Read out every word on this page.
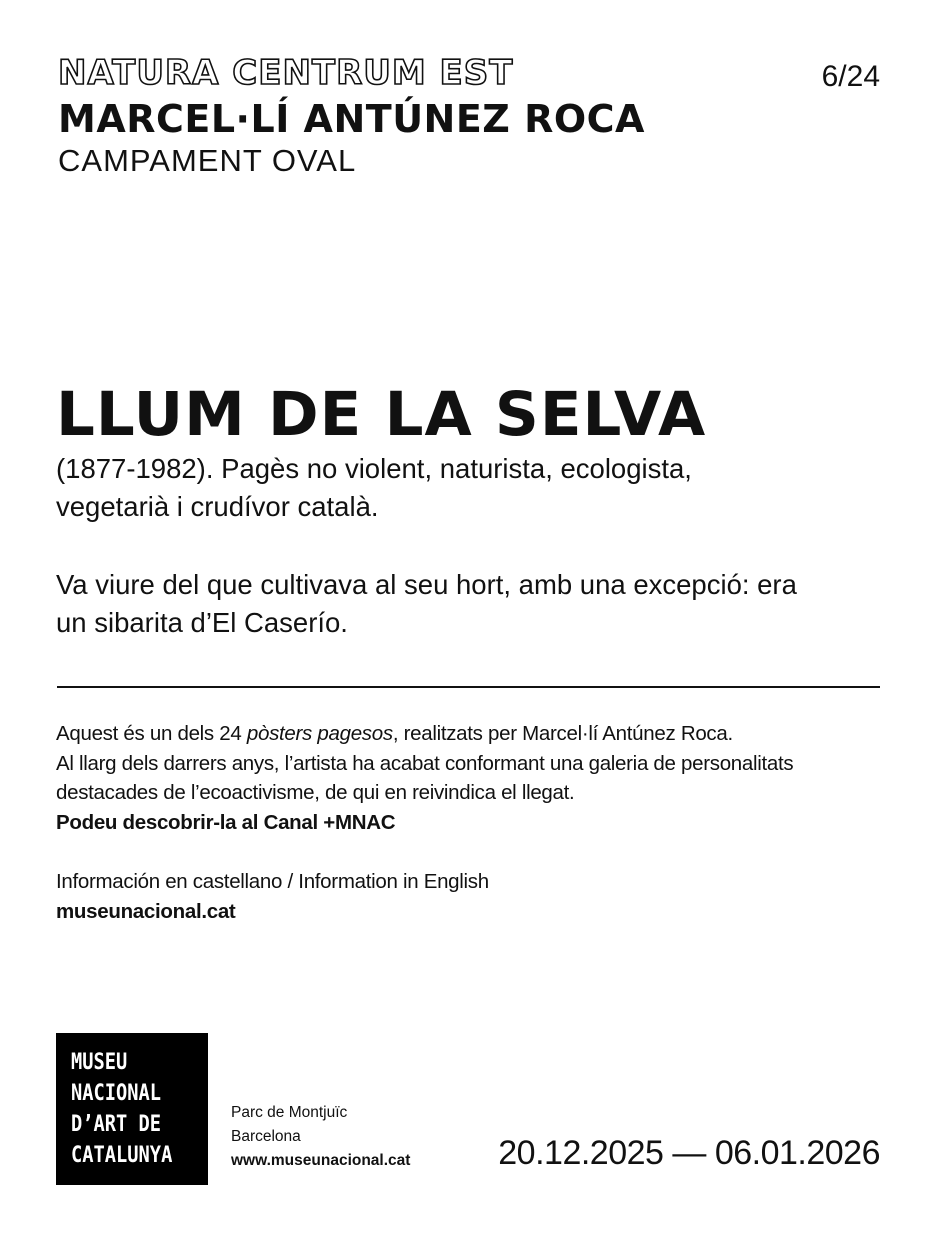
NATURA CENTRUM EST	6/24
MARCEL·LÍ ANTÚNEZ ROCA
CAMPAMENT OVAL
LLUM DE LA SELVA

(1877-1982). Pagès no violent, naturista, ecologista,
vegetarià i crudívor català.

Va viure del que cultivava al seu hort, amb una excepció: era
un sibarita d’El Caserío.

Aquest és un dels 24 pòsters pagesos, realitzats per Marcel·lí Antúnez Roca.
Al llarg dels darrers anys, l’artista ha acabat conformant una galeria de personalitats
destacades de l’ecoactivisme, de qui en reivindica el llegat.
Podeu descobrir-la al Canal +MNAC

Información en castellano / Information in English
museunacional.cat

MUSEU
NACIONAL
D’ART DE
CATALUNYA
Parc de Montjuïc
Barcelona
www.museunacional.cat	20.12.2025 — 06.01.2026
